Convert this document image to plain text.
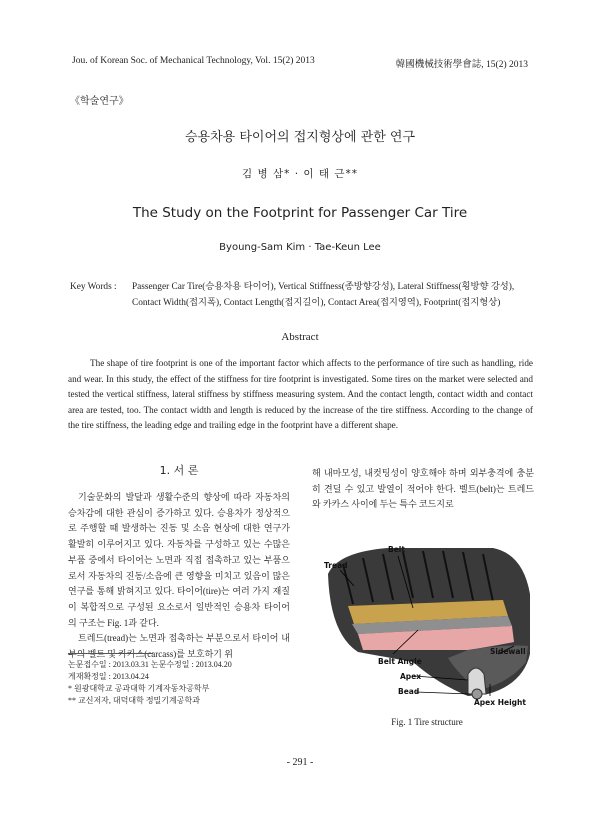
Jou. of Korean Soc. of Mechanical Technology, Vol. 15(2) 2013	韓國機械技術學會誌, 15(2) 2013
《학술연구》
승용차용 타이어의 접지형상에 관한 연구
김 병 삼* · 이 태 근**
The Study on the Footprint for Passenger Car Tire
Byoung-Sam Kim · Tae-Keun Lee
Key Words : Passenger Car Tire(승용차용 타이어), Vertical Stiffness(종방향강성), Lateral Stiffness(횡방향 강성),
Contact Width(접지폭), Contact Length(접지길이), Contact Area(접지영역), Footprint(접지형상)
Abstract
The shape of tire footprint is one of the important factor which affects to the performance of tire such as handling, ride and wear. In this study, the effect of the stiffness for tire footprint is investigated. Some tires on the market were selected and tested the vertical stiffness, lateral stiffness by stiffness measuring system. And the contact length, contact width and contact area are tested, too. The contact width and length is reduced by the increase of the tire stiffness. According to the change of the tire stiffness, the leading edge and trailing edge in the footprint have a different shape.
1. 서 론

기술문화의 발달과 생활수준의 향상에 따라 자동차의 승차감에 대한 관심이 증가하고 있다. 승용차가 정상적으로 주행할 때 발생하는 진동 및 소음 현상에 대한 연구가 활발히 이루어지고 있다. 자동차를 구성하고 있는 수많은 부품 중에서 타이어는 노면과 직접 접촉하고 있는 부품으로서 자동차의 진동/소음에 큰 영향을 미치고 있음이 많은 연구를 통해 밝혀지고 있다. 타이어(tire)는 여러 가지 재질이 복합적으로 구성된 요소로서 일반적인 승용차 타이어의 구조는 Fig. 1과 같다.

트레드(tread)는 노면과 접촉하는 부분으로서 타이어 내부의 벨트 및 카카스(carcass)를 보호하기 위

논문접수일 : 2013.03.31 논문수정일 : 2013.04.20
게재확정일 : 2013.04.24
* 원광대학교 공과대학 기계자동차공학부
** 교신저자, 대덕대학 정밀기계공학과
해 내마모성, 내컷팅성이 양호해야 하며 외부충격에 충분히 견딜 수 있고 발열이 적어야 한다. 벨트(belt)는 트레드와 카카스 사이에 두는 특수 코드지로
Tread
Belt
Belt Angle
Sidewall
Apex
Bead
Apex Height
Fig. 1 Tire structure
- 291 -
